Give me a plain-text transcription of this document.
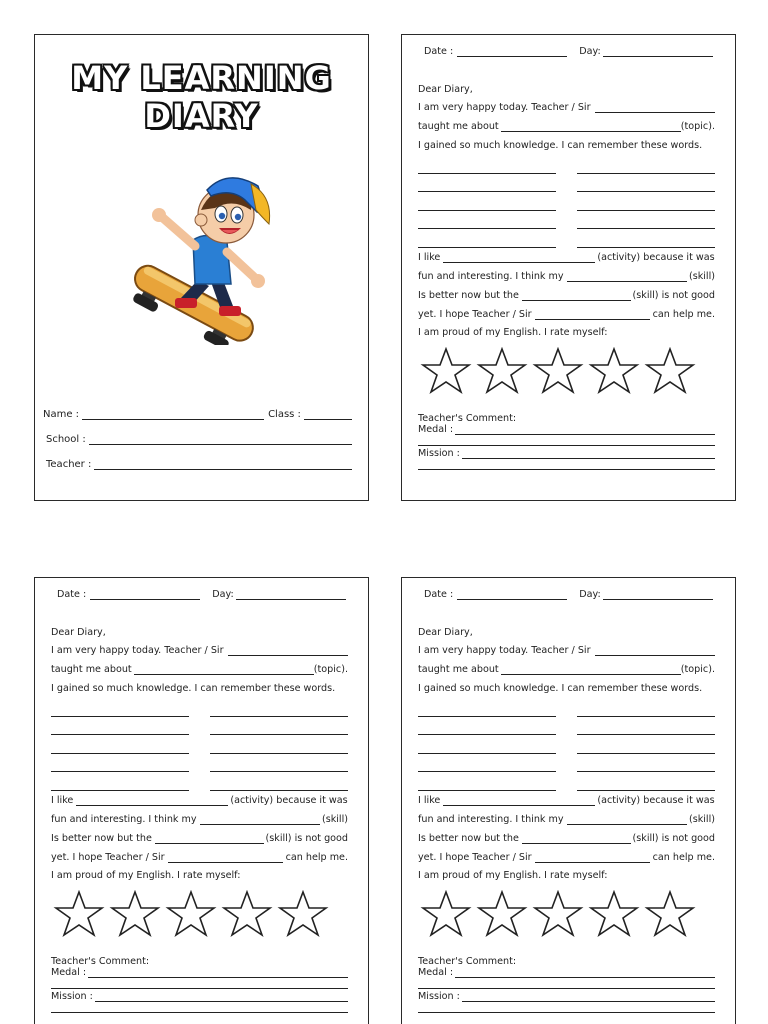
MY LEARNING
DIARY
Name :	Class :
School :
Teacher :
Date :	Day:
Dear Diary,
I am very happy today. Teacher / Sir
taught me about	(topic).
I gained so much knowledge. I can remember these words.
I like	(activity) because it was
fun and interesting. I think my	(skill)
Is better now but the	(skill) is not good
yet. I hope Teacher / Sir	can help me.
I am proud of my English. I rate myself:
Teacher's Comment:
Medal :
Mission :
Date :	Day:
Dear Diary,
I am very happy today. Teacher / Sir
taught me about	(topic).
I gained so much knowledge. I can remember these words.
I like	(activity) because it was
fun and interesting. I think my	(skill)
Is better now but the	(skill) is not good
yet. I hope Teacher / Sir	can help me.
I am proud of my English. I rate myself:
Teacher's Comment:
Medal :
Mission :
Date :	Day:
Dear Diary,
I am very happy today. Teacher / Sir
taught me about	(topic).
I gained so much knowledge. I can remember these words.
I like	(activity) because it was
fun and interesting. I think my	(skill)
Is better now but the	(skill) is not good
yet. I hope Teacher / Sir	can help me.
I am proud of my English. I rate myself:
Teacher's Comment:
Medal :
Mission :
